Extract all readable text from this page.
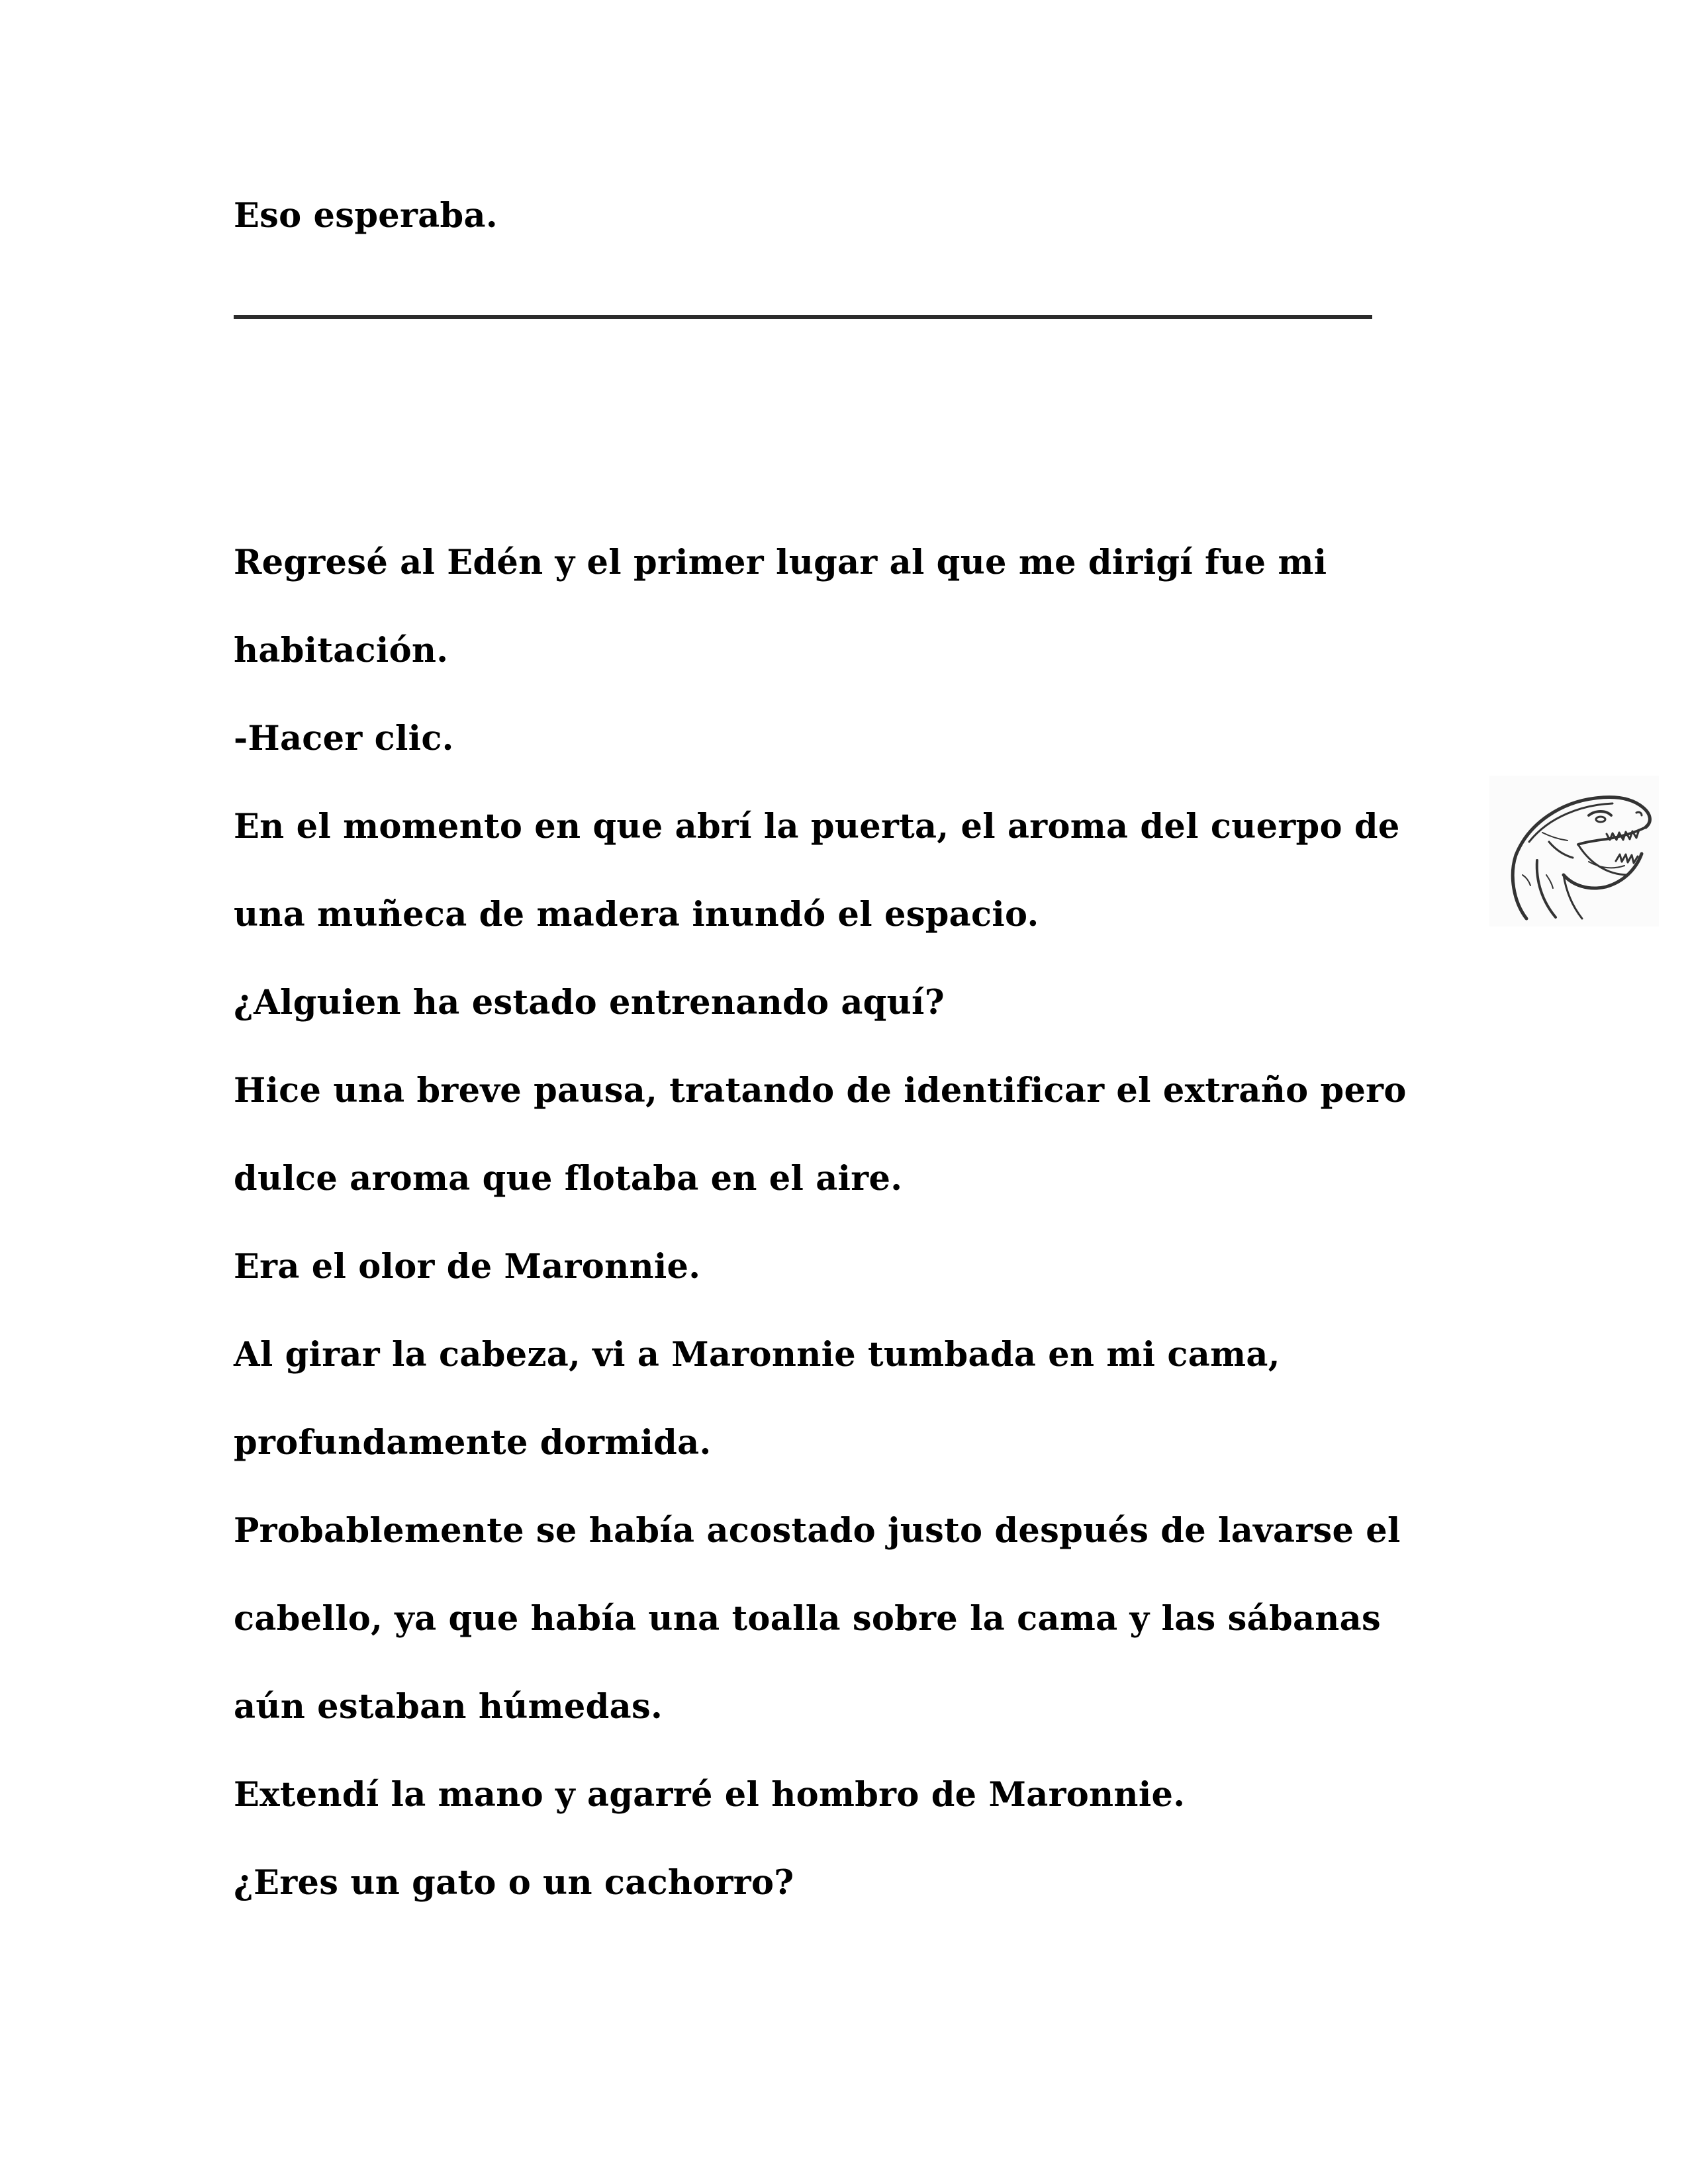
Eso esperaba.
Regresé al Edén y el primer lugar al que me dirigí fue mi
habitación.
-Hacer clic.
En el momento en que abrí la puerta, el aroma del cuerpo de
una muñeca de madera inundó el espacio.
¿Alguien ha estado entrenando aquí?
Hice una breve pausa, tratando de identificar el extraño pero
dulce aroma que flotaba en el aire.
Era el olor de Maronnie.
Al girar la cabeza, vi a Maronnie tumbada en mi cama,
profundamente dormida.
Probablemente se había acostado justo después de lavarse el
cabello, ya que había una toalla sobre la cama y las sábanas
aún estaban húmedas.
Extendí la mano y agarré el hombro de Maronnie.
¿Eres un gato o un cachorro?
